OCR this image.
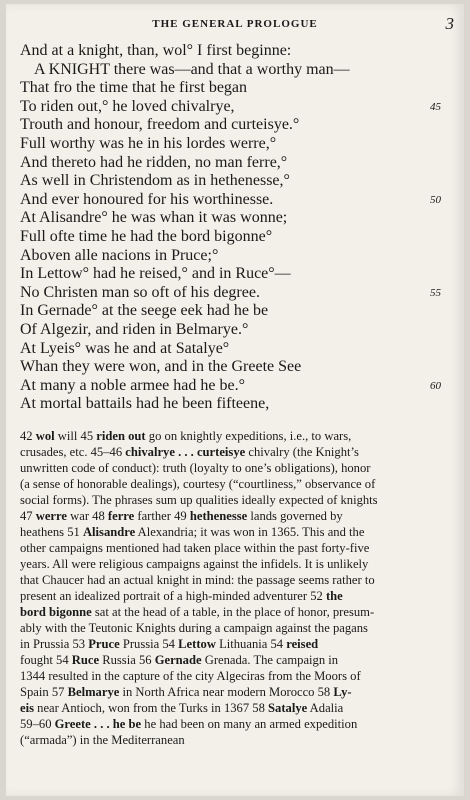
THE GENERAL PROLOGUE	3
And at a knight, than, wol° I first beginne:
A KNIGHT there was—and that a worthy man—
That fro the time that he first began
To riden out,° he loved chivalrye,	45
Trouth and honour, freedom and curteisye.°
Full worthy was he in his lordes werre,°
And thereto had he ridden, no man ferre,°
As well in Christendom as in hethenesse,°
And ever honoured for his worthinesse.	50
At Alisandre° he was whan it was wonne;
Full ofte time he had the bord bigonne°
Aboven alle nacions in Pruce;°
In Lettow° had he reised,° and in Ruce°—
No Christen man so oft of his degree.	55
In Gernade° at the seege eek had he be
Of Algezir, and riden in Belmarye.°
At Lyeis° was he and at Satalye°
Whan they were won, and in the Greete See
At many a noble armee had he be.°	60
At mortal battails had he been fifteene,
42 wol will 45 riden out go on knightly expeditions, i.e., to wars,
crusades, etc. 45–46 chivalrye . . . curteisye chivalry (the Knight’s
unwritten code of conduct): truth (loyalty to one’s obligations), honor
(a sense of honorable dealings), courtesy (“courtliness,” observance of
social forms). The phrases sum up qualities ideally expected of knights
47 werre war 48 ferre farther 49 hethenesse lands governed by
heathens 51 Alisandre Alexandria; it was won in 1365. This and the
other campaigns mentioned had taken place within the past forty-five
years. All were religious campaigns against the infidels. It is unlikely
that Chaucer had an actual knight in mind: the passage seems rather to
present an idealized portrait of a high-minded adventurer 52 the
bord bigonne sat at the head of a table, in the place of honor, presum-
ably with the Teutonic Knights during a campaign against the pagans
in Prussia 53 Pruce Prussia 54 Lettow Lithuania 54 reised
fought 54 Ruce Russia 56 Gernade Grenada. The campaign in
1344 resulted in the capture of the city Algeciras from the Moors of
Spain 57 Belmarye in North Africa near modern Morocco 58 Ly-
eis near Antioch, won from the Turks in 1367 58 Satalye Adalia
59–60 Greete . . . he be he had been on many an armed expedition
(“armada”) in the Mediterranean
